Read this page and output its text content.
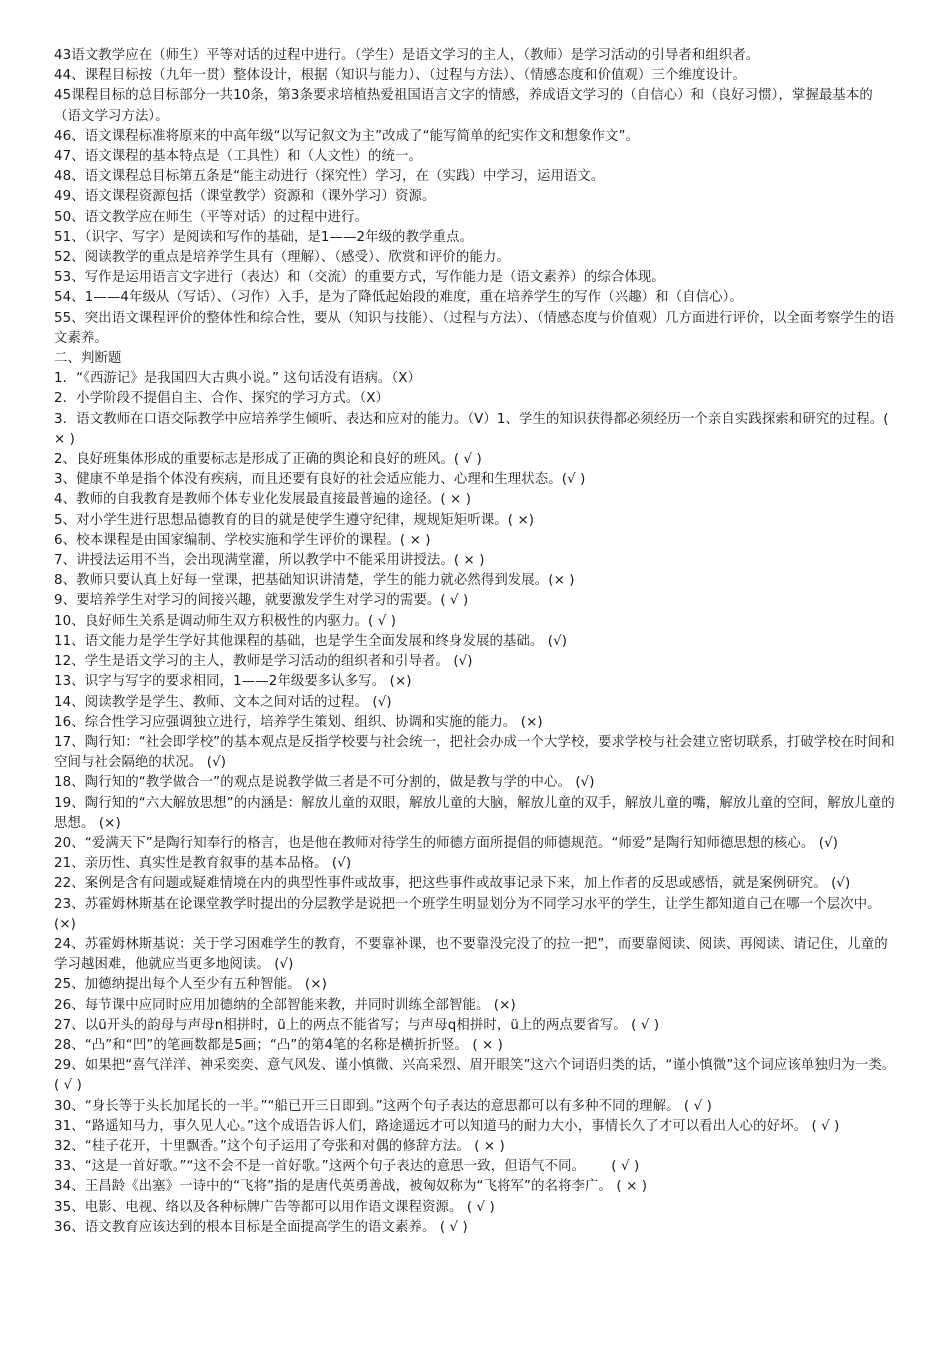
43语文教学应在（师生）平等对话的过程中进行。（学生）是语文学习的主人，（教师）是学习活动的引导者和组织者。
44、课程目标按（九年一贯）整体设计，根据（知识与能力）、（过程与方法）、（情感态度和价值观）三个维度设计。
45课程目标的总目标部分一共10条，第3条要求培植热爱祖国语言文字的情感，养成语文学习的（自信心）和（良好习惯），掌握最基本的（语文学习方法）。
46、语文课程标准将原来的中高年级“以写记叙文为主”改成了“能写简单的纪实作文和想象作文”。
47、语文课程的基本特点是（工具性）和（人文性）的统一。
48、语文课程总目标第五条是“能主动进行（探究性）学习，在（实践）中学习，运用语文。
49、语文课程资源包括（课堂教学）资源和（课外学习）资源。
50、语文教学应在师生（平等对话）的过程中进行。
51、（识字、写字）是阅读和写作的基础，是1——2年级的教学重点。
52、阅读教学的重点是培养学生具有（理解）、（感受）、欣赏和评价的能力。
53、写作是运用语言文字进行（表达）和（交流）的重要方式，写作能力是（语文素养）的综合体现。
54、1——4年级从（写话）、（习作）入手，是为了降低起始段的难度，重在培养学生的写作（兴趣）和（自信心）。
55、突出语文课程评价的整体性和综合性，要从（知识与技能）、（过程与方法）、（情感态度与价值观）几方面进行评价，以全面考察学生的语文素养。
二、判断题
1．“《西游记》是我国四大古典小说。” 这句话没有语病。（X）
2．小学阶段不提倡自主、合作、探究的学习方式。（X）
3．语文教师在口语交际教学中应培养学生倾听、表达和应对的能力。（V）1、学生的知识获得都必须经历一个亲自实践探索和研究的过程。( × )
2、良好班集体形成的重要标志是形成了正确的舆论和良好的班风。( √ )
3、健康不单是指个体没有疾病，而且还要有良好的社会适应能力、心理和生理状态。(√ )
4、教师的自我教育是教师个体专业化发展最直接最普遍的途径。( × )
5、对小学生进行思想品德教育的目的就是使学生遵守纪律，规规矩矩听课。( ×)
6、校本课程是由国家编制、学校实施和学生评价的课程。( × )
7、讲授法运用不当，会出现满堂灌，所以教学中不能采用讲授法。( × )
8、教师只要认真上好每一堂课，把基础知识讲清楚，学生的能力就必然得到发展。(× )
9、要培养学生对学习的间接兴趣，就要激发学生对学习的需要。( √ )
10、良好师生关系是调动师生双方积极性的内驱力。( √ )
11、语文能力是学生学好其他课程的基础，也是学生全面发展和终身发展的基础。 (√)
12、学生是语文学习的主人，教师是学习活动的组织者和引导者。 (√)
13、识字与写字的要求相同，1——2年级要多认多写。 (×)
14、阅读教学是学生、教师、文本之间对话的过程。 (√)
16、综合性学习应强调独立进行，培养学生策划、组织、协调和实施的能力。 (×)
17、陶行知：“社会即学校”的基本观点是反指学校要与社会统一，把社会办成一个大学校，要求学校与社会建立密切联系，打破学校在时间和空间与社会隔绝的状况。 (√)
18、陶行知的“教学做合一”的观点是说教学做三者是不可分割的，做是教与学的中心。 (√)
19、陶行知的“六大解放思想”的内涵是：解放儿童的双眼，解放儿童的大脑，解放儿童的双手，解放儿童的嘴，解放儿童的空间，解放儿童的思想。 (×)
20、“爱满天下”是陶行知奉行的格言，也是他在教师对待学生的师德方面所提倡的师德规范。“师爱”是陶行知师德思想的核心。 (√)
21、亲历性、真实性是教育叙事的基本品格。 (√)
22、案例是含有问题或疑难情境在内的典型性事件或故事，把这些事件或故事记录下来，加上作者的反思或感悟，就是案例研究。 (√)
23、苏霍姆林斯基在论课堂教学时提出的分层教学是说把一个班学生明显划分为不同学习水平的学生，让学生都知道自己在哪一个层次中。 (×)
24、苏霍姆林斯基说：关于学习困难学生的教育，不要靠补课，也不要靠没完没了的拉一把”，而要靠阅读、阅读、再阅读、请记住，儿童的学习越困难，他就应当更多地阅读。 (√)
25、加德纳提出每个人至少有五种智能。 (×)
26、每节课中应同时应用加德纳的全部智能来教，并同时训练全部智能。 (×)
27、以ü开头的韵母与声母n相拼时，ü上的两点不能省写；与声母q相拼时，ü上的两点要省写。 ( √ )
28、“凸”和“凹”的笔画数都是5画；“凸”的第4笔的名称是横折折竖。 ( × )
29、如果把“喜气洋洋、神采奕奕、意气风发、谨小慎微、兴高采烈、眉开眼笑”这六个词语归类的话，“谨小慎微”这个词应该单独归为一类。 ( √ )
30、“身长等于头长加尾长的一半。”“船已开三日即到。”这两个句子表达的意思都可以有多种不同的理解。 ( √ )
31、“路遥知马力，事久见人心。”这个成语告诉人们，路途遥远才可以知道马的耐力大小，事情长久了才可以看出人心的好坏。 ( √ )
32、“桂子花开，十里飘香。”这个句子运用了夸张和对偶的修辞方法。 ( × )
33、“这是一首好歌。”“这不会不是一首好歌。”这两个句子表达的意思一致，但语气不同。      ( √ )
34、王昌龄《出塞》一诗中的“飞将”指的是唐代英勇善战，被匈奴称为“飞将军”的名将李广。 ( × )
35、电影、电视、络以及各种标牌广告等都可以用作语文课程资源。 ( √ )
36、语文教育应该达到的根本目标是全面提高学生的语文素养。 ( √ )
